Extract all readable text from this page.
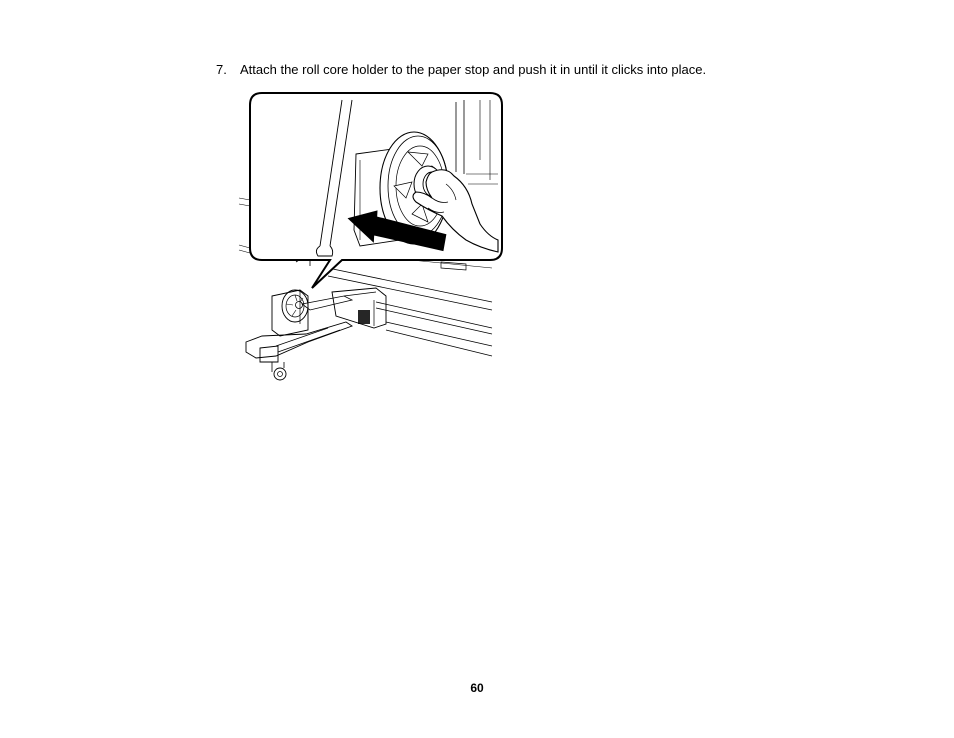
7. Attach the roll core holder to the paper stop and push it in until it clicks into place.
60
